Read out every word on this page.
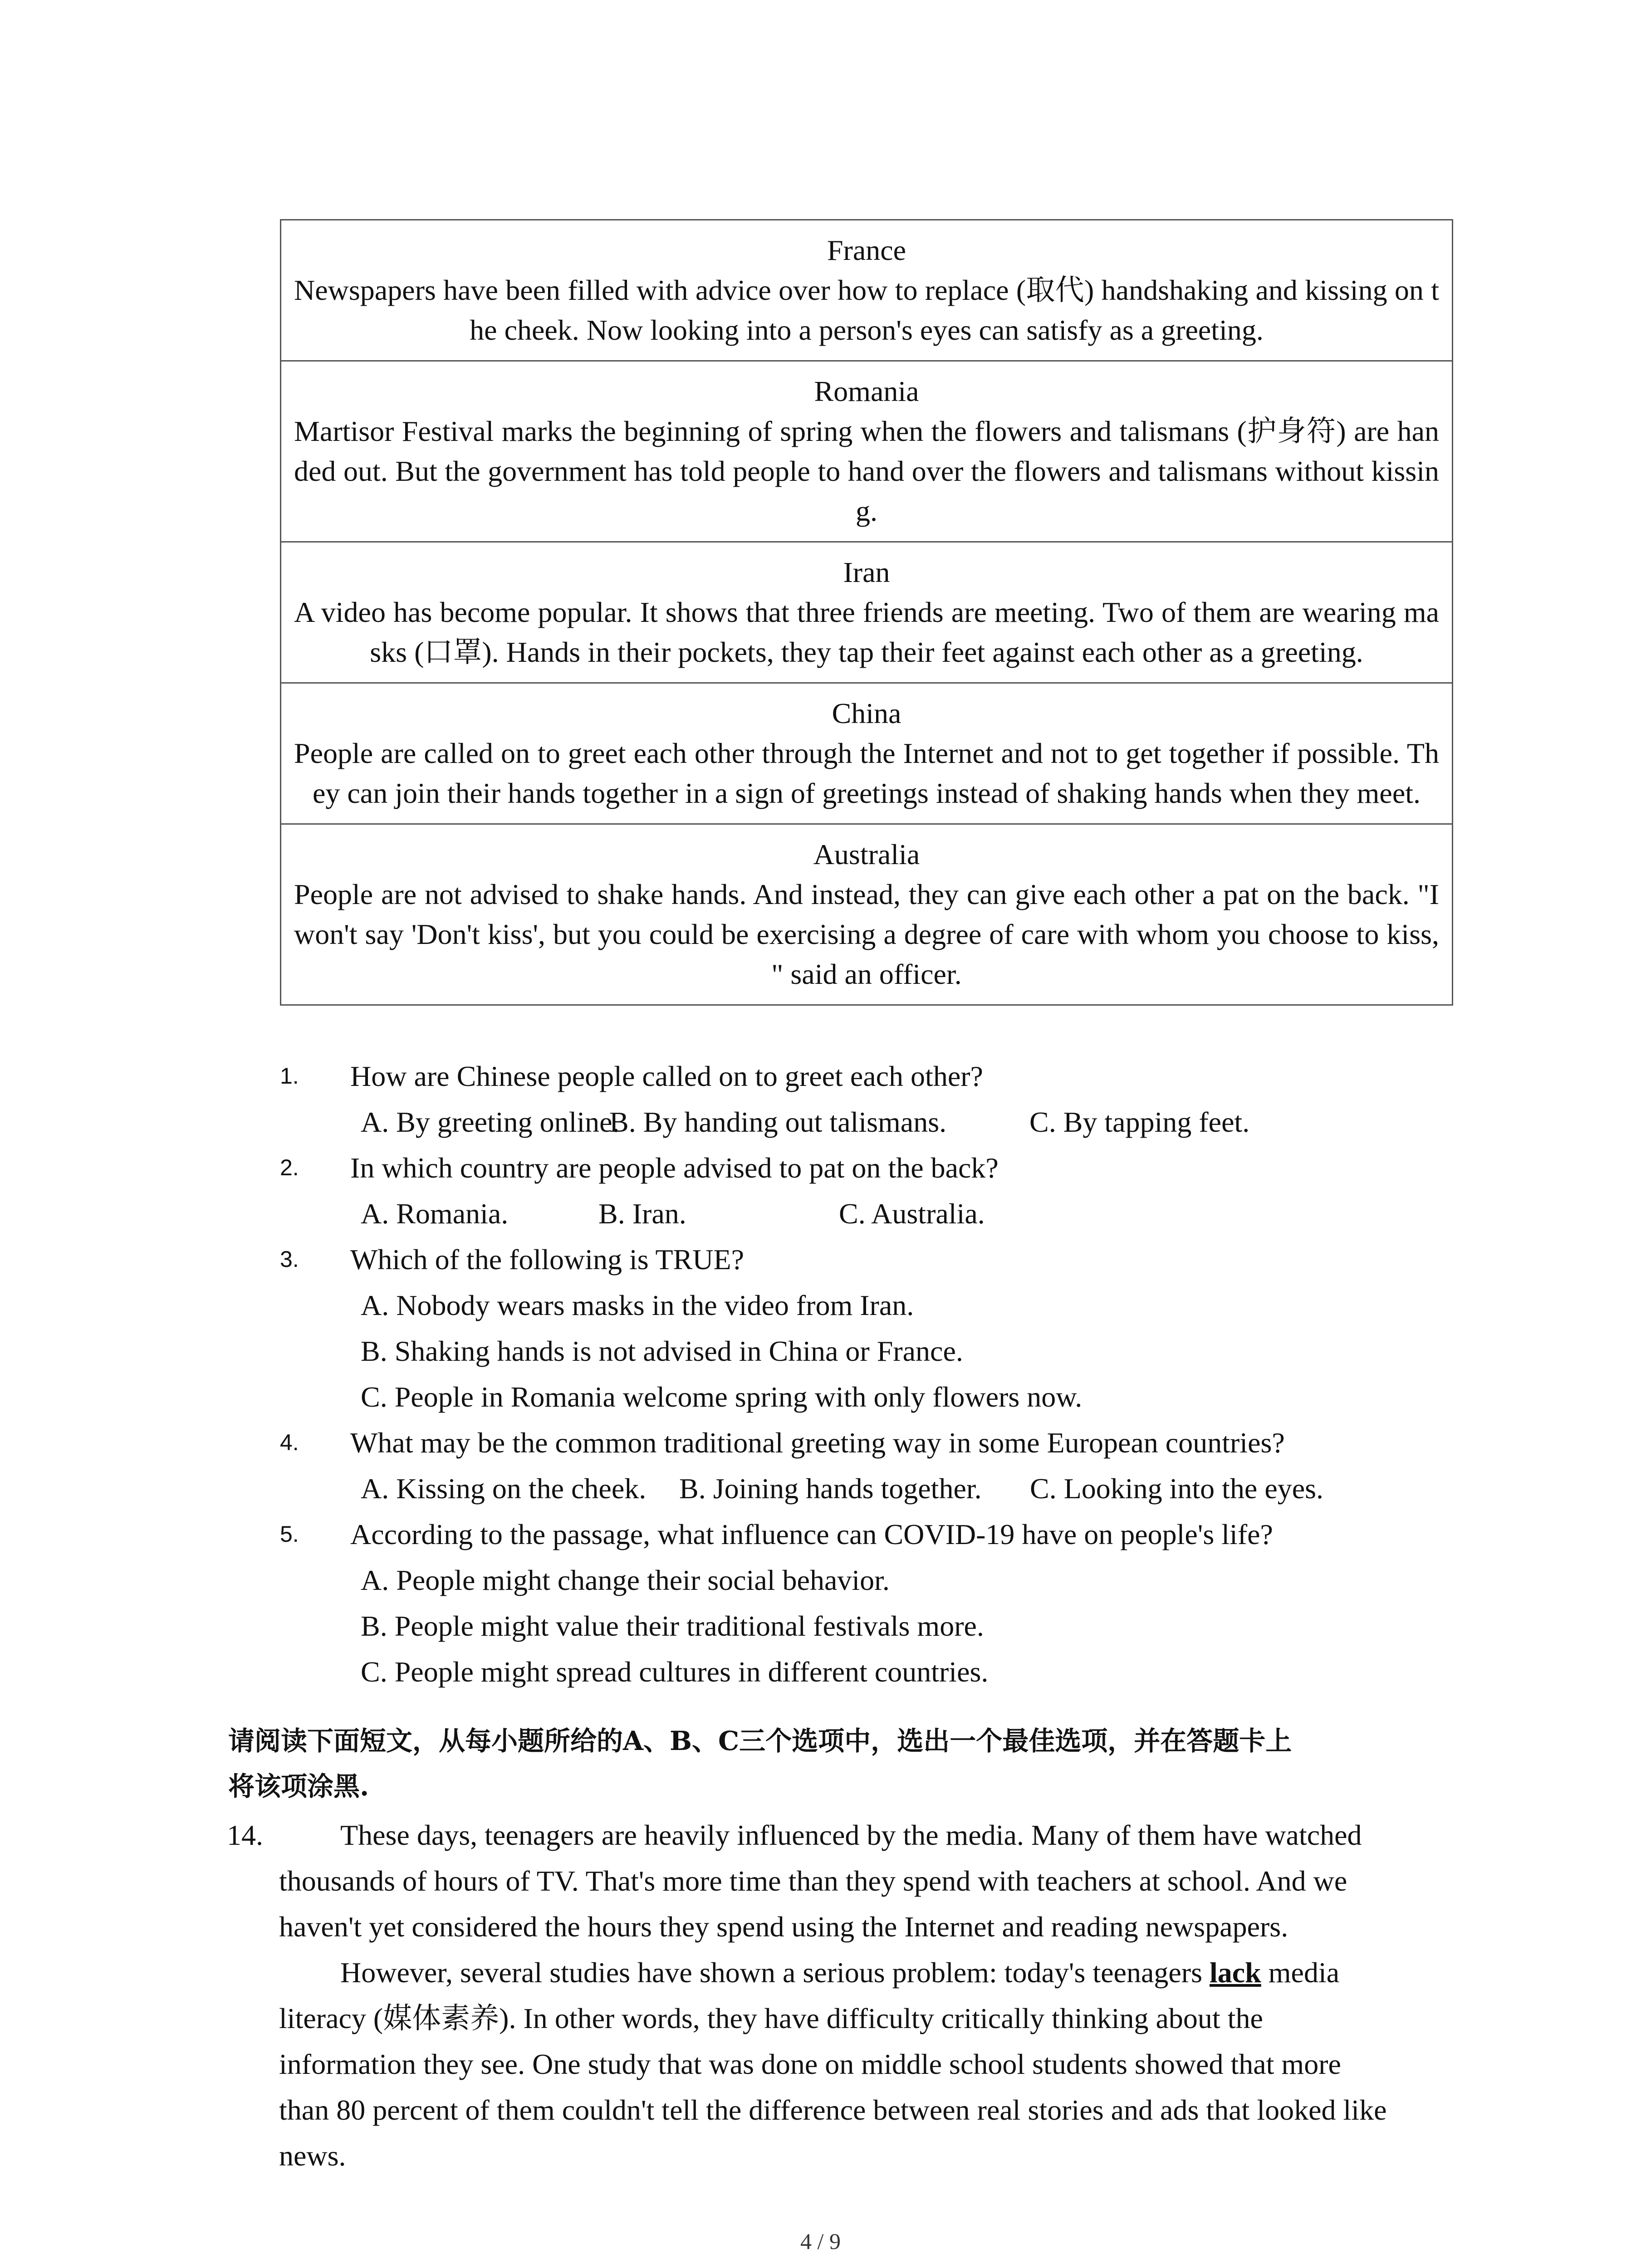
France
Newspapers have been filled with advice over how to replace (取代) handshaking and kissing on the cheek. Now looking into a person's eyes can satisfy as a greeting.
Romania
Martisor Festival marks the beginning of spring when the flowers and talismans (护身符) are handed out. But the government has told people to hand over the flowers and talismans without kissing.
Iran
A video has become popular. It shows that three friends are meeting. Two of them are wearing masks (口罩). Hands in their pockets, they tap their feet against each other as a greeting.
China
People are called on to greet each other through the Internet and not to get together if possible. They can join their hands together in a sign of greetings instead of shaking hands when they meet.
Australia
People are not advised to shake hands. And instead, they can give each other a pat on the back. "I won't say 'Don't kiss', but you could be exercising a degree of care with whom you choose to kiss, " said an officer.
1. How are Chinese people called on to greet each other?
A. By greeting online.
B. By handing out talismans.	C. By tapping feet.
2. In which country are people advised to pat on the back?
A. Romania.	B. Iran.	C. Australia.
3. Which of the following is TRUE?
A. Nobody wears masks in the video from Iran.
B. Shaking hands is not advised in China or France.
C. People in Romania welcome spring with only flowers now.
4. What may be the common traditional greeting way in some European countries?
A. Kissing on the cheek. B. Joining hands together. C. Looking into the eyes.
5. According to the passage, what influence can COVID-19 have on people's life?
A. People might change their social behavior.
B. People might value their traditional festivals more.
C. People might spread cultures in different countries.
请阅读下面短文，从每小题所给的A、B、C三个选项中，选出一个最佳选项，并在答题卡上
将该项涂黑.
14.	These days, teenagers are heavily influenced by the media. Many of them have watched
thousands of hours of TV. That's more time than they spend with teachers at school. And we
haven't yet considered the hours they spend using the Internet and reading newspapers.
However, several studies have shown a serious problem: today's teenagers lack media
literacy (媒体素养). In other words, they have difficulty critically thinking about the
information they see. One study that was done on middle school students showed that more
than 80 percent of them couldn't tell the difference between real stories and ads that looked like
news.
4 / 9
